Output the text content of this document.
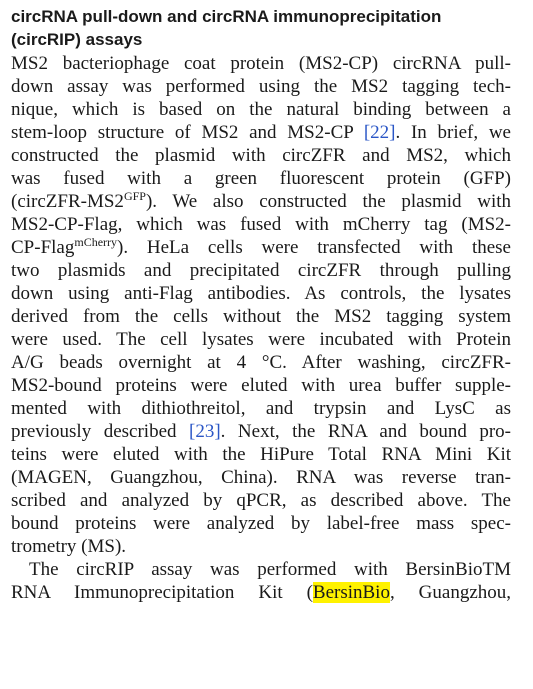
circRNA pull-down and circRNA immunoprecipitation
(circRIP) assays
MS2 bacteriophage coat protein (MS2-CP) circRNA pull-
down assay was performed using the MS2 tagging tech-
nique, which is based on the natural binding between a
stem-loop structure of MS2 and MS2-CP [22]. In brief, we
constructed the plasmid with circZFR and MS2, which
was fused with a green fluorescent protein (GFP)
$(circZFR-MS2^{GFP})$. We also constructed the plasmid with
MS2-CP-Flag, which was fused with mCherry tag (MS2-
CP-Flag$^{mCherry}$). HeLa cells were transfected with these
two plasmids and precipitated circZFR through pulling
down using anti-Flag antibodies. As controls, the lysates
derived from the cells without the MS2 tagging system
were used. The cell lysates were incubated with Protein
A/G beads overnight at 4 °C. After washing, circZFR-
MS2-bound proteins were eluted with urea buffer supple-
mented with dithiothreitol, and trypsin and LysC as
previously described [23]. Next, the RNA and bound pro-
teins were eluted with the HiPure Total RNA Mini Kit
(MAGEN, Guangzhou, China). RNA was reverse tran-
scribed and analyzed by qPCR, as described above. The
bound proteins were analyzed by label-free mass spec-
trometry (MS).
The circRIP assay was performed with BersinBioTM
RNA Immunoprecipitation Kit (BersinBio, Guangzhou,
